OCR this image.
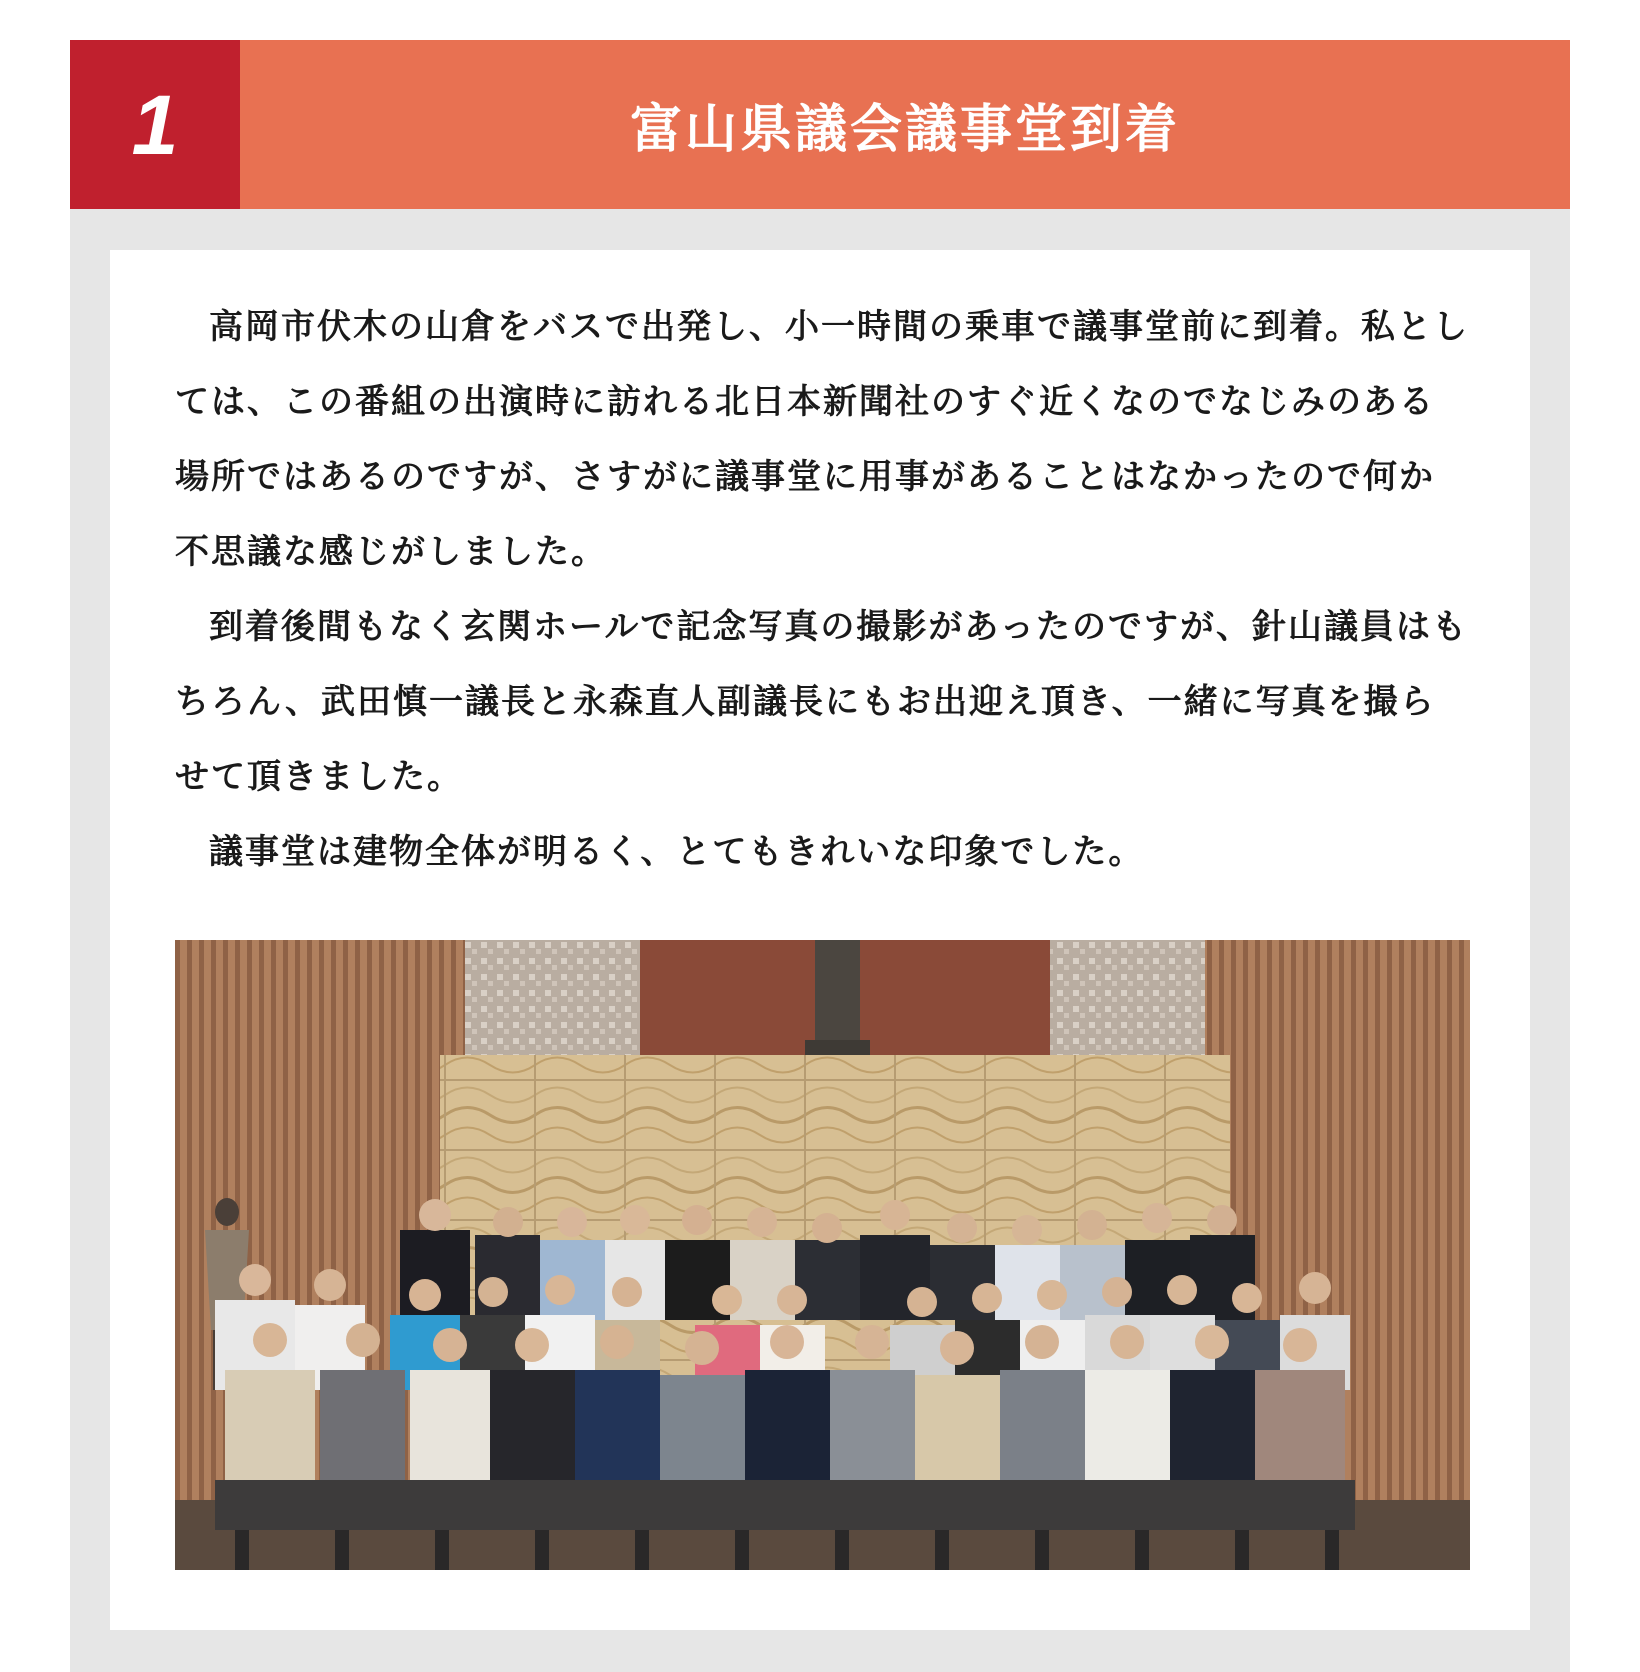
1	富山県議会議事堂到着

高岡市伏木の山倉をバスで出発し、小一時間の乗車で議事堂前に到着。私としては、この番組の出演時に訪れる北日本新聞社のすぐ近くなのでなじみのある場所ではあるのですが、さすがに議事堂に用事があることはなかったので何か不思議な感じがしました。

到着後間もなく玄関ホールで記念写真の撮影があったのですが、針山議員はもちろん、武田慎一議長と永森直人副議長にもお出迎え頂き、一緒に写真を撮らせて頂きました。

議事堂は建物全体が明るく、とてもきれいな印象でした。
